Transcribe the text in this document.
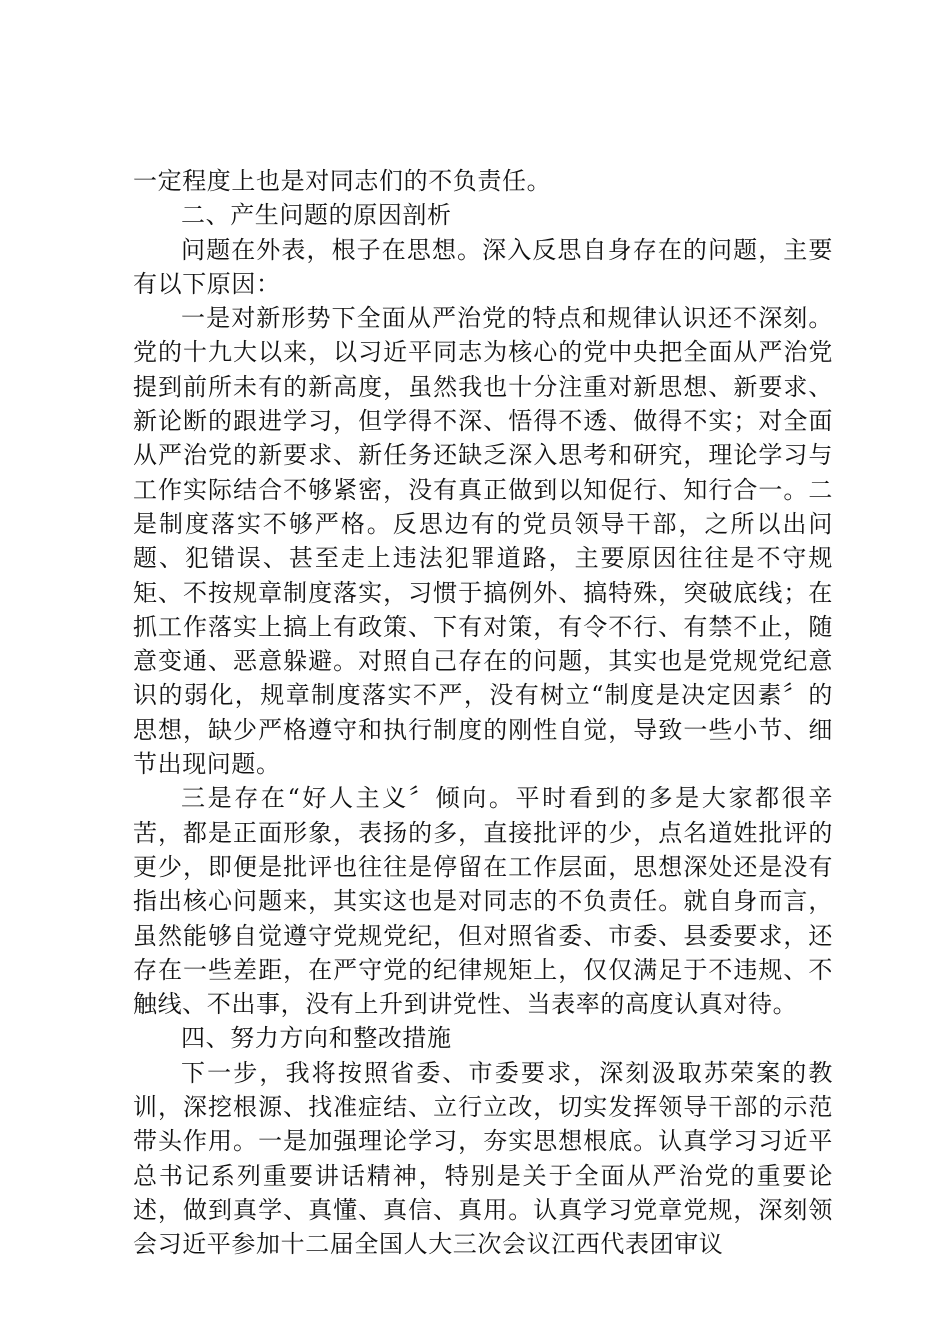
一定程度上也是对同志们的不负责任。

二、产生问题的原因剖析

问题在外表，根子在思想。深入反思自身存在的问题，主要有以下原因：

一是对新形势下全面从严治党的特点和规律认识还不深刻。党的十九大以来，以习近平同志为核心的党中央把全面从严治党提到前所未有的新高度，虽然我也十分注重对新思想、新要求、新论断的跟进学习，但学得不深、悟得不透、做得不实；对全面从严治党的新要求、新任务还缺乏深入思考和研究，理论学习与工作实际结合不够紧密，没有真正做到以知促行、知行合一。二是制度落实不够严格。反思边有的党员领导干部，之所以出问题、犯错误、甚至走上违法犯罪道路，主要原因往往是不守规矩、不按规章制度落实，习惯于搞例外、搞特殊，突破底线；在抓工作落实上搞上有政策、下有对策，有令不行、有禁不止，随意变通、恶意躲避。对照自己存在的问题，其实也是党规党纪意识的弱化，规章制度落实不严，没有树立“制度是决定因素〞的思想，缺少严格遵守和执行制度的刚性自觉，导致一些小节、细节出现问题。

三是存在“好人主义〞倾向。平时看到的多是大家都很辛苦，都是正面形象，表扬的多，直接批评的少，点名道姓批评的更少，即便是批评也往往是停留在工作层面，思想深处还是没有指出核心问题来，其实这也是对同志的不负责任。就自身而言，虽然能够自觉遵守党规党纪，但对照省委、市委、县委要求，还存在一些差距，在严守党的纪律规矩上，仅仅满足于不违规、不触线、不出事，没有上升到讲党性、当表率的高度认真对待。

四、努力方向和整改措施

下一步，我将按照省委、市委要求，深刻汲取苏荣案的教训，深挖根源、找准症结、立行立改，切实发挥领导干部的示范带头作用。一是加强理论学习，夯实思想根底。认真学习习近平总书记系列重要讲话精神，特别是关于全面从严治党的重要论述，做到真学、真懂、真信、真用。认真学习党章党规，深刻领会习近平参加十二届全国人大三次会议江西代表团审议
